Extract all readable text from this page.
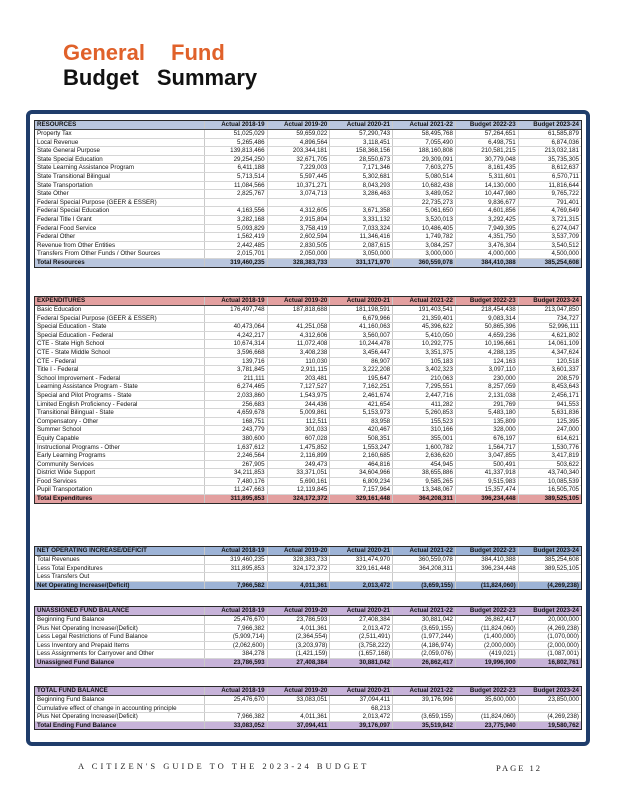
General Fund
Budget Summary
RESOURCES	Actual 2018-19	Actual 2019-20	Actual 2020-21	Actual 2021-22	Budget 2022-23	Budget 2023-24
Property Tax	51,025,029	59,659,022	57,290,743	58,495,768	57,264,651	61,585,879
Local Revenue	5,265,486	4,896,564	3,118,451	7,055,490	6,498,751	6,874,036
State General Purpose	139,813,466	203,344,181	158,368,156	188,160,808	210,581,215	213,032,181
State Special Education	29,254,250	32,671,705	28,550,673	29,309,091	30,779,048	35,735,305
State Learning Assistance Program	6,411,188	7,229,003	7,171,346	7,603,275	8,161,435	8,612,637
State Transitional Bilingual	5,713,514	5,597,445	5,302,681	5,080,514	5,311,601	6,570,711
State Transportation	11,084,566	10,371,271	8,043,293	10,682,438	14,130,000	11,816,644
State Other	2,825,767	3,074,713	3,286,463	3,489,052	10,447,980	9,765,722
Federal Special Purpose (GEER & ESSER)				22,735,273	9,836,677	791,401
Federal Special Education	4,163,556	4,312,605	3,671,358	5,061,650	4,601,856	4,769,649
Federal Title I Grant	3,282,168	2,915,894	3,331,132	3,520,013	3,292,425	3,721,315
Federal Food Service	5,093,829	3,758,419	7,033,324	10,486,405	7,949,395	6,274,047
Federal Other	1,562,419	2,602,594	11,346,416	1,749,782	4,351,750	3,537,709
Revenue from Other Entities	2,442,485	2,830,505	2,087,615	3,084,257	3,476,304	3,540,512
Transfers From Other Funds / Other Sources	2,015,701	2,050,000	3,050,000	3,000,000	4,000,000	4,500,000
Total Resources	319,460,235	328,383,733	331,171,970	360,559,078	384,410,388	385,254,608
EXPENDITURES	Actual 2018-19	Actual 2019-20	Actual 2020-21	Actual 2021-22	Budget 2022-23	Budget 2023-24
Basic Education	176,497,748	187,818,688	181,198,591	191,403,541	218,454,438	213,047,850
Federal Special Purpose (GEER & ESSER)			6,679,966	21,359,401	9,083,314	734,727
Special Education - State	40,473,064	41,251,058	41,160,063	45,396,622	50,865,396	52,996,111
Special Education - Federal	4,242,217	4,312,606	3,560,007	5,410,050	4,659,236	4,621,802
CTE - State High School	10,674,314	11,072,408	10,244,478	10,292,775	10,196,661	14,061,109
CTE - State Middle School	3,596,668	3,408,238	3,456,447	3,351,375	4,288,135	4,347,624
CTE - Federal	139,716	110,030	86,907	105,183	124,163	120,518
Title I - Federal	3,781,845	2,911,115	3,222,208	3,402,323	3,097,110	3,601,337
School Improvement - Federal	211,111	203,481	195,647	210,063	230,000	208,579
Learning Assistance Program - State	6,274,465	7,127,527	7,162,251	7,295,551	8,257,059	8,453,643
Special and Pilot Programs - State	2,033,860	1,543,975	2,461,674	2,447,716	2,131,038	2,456,171
Limited English Proficiency - Federal	256,683	244,436	421,654	411,282	291,769	941,553
Transitional Bilingual - State	4,659,678	5,009,861	5,153,973	5,260,853	5,483,180	5,631,836
Compensatory - Other	168,751	112,511	83,958	155,523	135,809	125,395
Summer School	243,779	301,033	420,467	310,166	328,000	247,000
Equity Capable	380,600	607,028	508,351	355,001	676,197	614,621
Instructional Programs - Other	1,637,612	1,475,852	1,553,247	1,600,782	1,564,717	1,530,776
Early Learning Programs	2,246,564	2,116,899	2,160,685	2,636,620	3,047,855	3,417,819
Community Services	267,905	249,473	464,816	454,945	500,491	503,622
District Wide Support	34,211,853	33,371,051	34,604,966	38,655,886	41,337,918	43,740,340
Food Services	7,480,176	5,690,161	6,809,234	9,585,265	9,515,983	10,085,539
Pupil Transportation	11,247,663	12,119,845	7,157,964	13,348,067	15,357,474	16,505,705
Total Expenditures	311,895,853	324,172,372	329,161,448	364,208,311	396,234,448	389,525,105
NET OPERATING INCREASE/DEFICIT	Actual 2018-19	Actual 2019-20	Actual 2020-21	Actual 2021-22	Budget 2022-23	Budget 2023-24
Total Revenues	319,460,235	328,383,733	331,474,970	360,559,078	384,410,388	385,254,608
Less Total Expenditures	311,895,853	324,172,372	329,161,448	364,208,311	396,234,448	389,525,105
Less Transfers Out						
Net Operating Increase/(Deficit)	7,966,582	4,011,361	2,013,472	(3,659,155)	(11,824,060)	(4,269,238)
UNASSIGNED FUND BALANCE	Actual 2018-19	Actual 2019-20	Actual 2020-21	Actual 2021-22	Budget 2022-23	Budget 2023-24
Beginning Fund Balance	25,476,670	23,786,593	27,408,384	30,881,042	26,862,417	20,000,000
Plus Net Operating Increase/(Deficit)	7,966,382	4,011,361	2,013,472	(3,659,155)	(11,824,060)	(4,269,238)
Less Legal Restrictions of Fund Balance	(5,909,714)	(2,364,554)	(2,511,491)	(1,977,244)	(1,400,000)	(1,070,000)
Less Inventory and Prepaid Items	(2,062,600)	(3,203,978)	(3,758,222)	(4,186,974)	(2,000,000)	(2,000,000)
Less Assignments for Carryover and Other	384,278	(1,421,159)	(1,657,168)	(2,059,076)	(419,021)	(1,087,001)
Unassigned Fund Balance	23,786,593	27,408,384	30,881,042	26,862,417	19,996,900	16,802,761
TOTAL FUND BALANCE	Actual 2018-19	Actual 2019-20	Actual 2020-21	Actual 2021-22	Budget 2022-23	Budget 2023-24
Beginning Fund Balance	25,476,670	33,083,051	37,094,411	39,176,996	35,600,000	23,850,000
Cumulative effect of change in accounting principle			68,213			
Plus Net Operating Increase/(Deficit)	7,966,382	4,011,361	2,013,472	(3,659,155)	(11,824,060)	(4,269,238)
Total Ending Fund Balance	33,083,052	37,094,411	39,176,097	35,519,842	23,775,940	19,580,762
A CITIZEN'S GUIDE TO THE 2023-24 BUDGET	PAGE 12
